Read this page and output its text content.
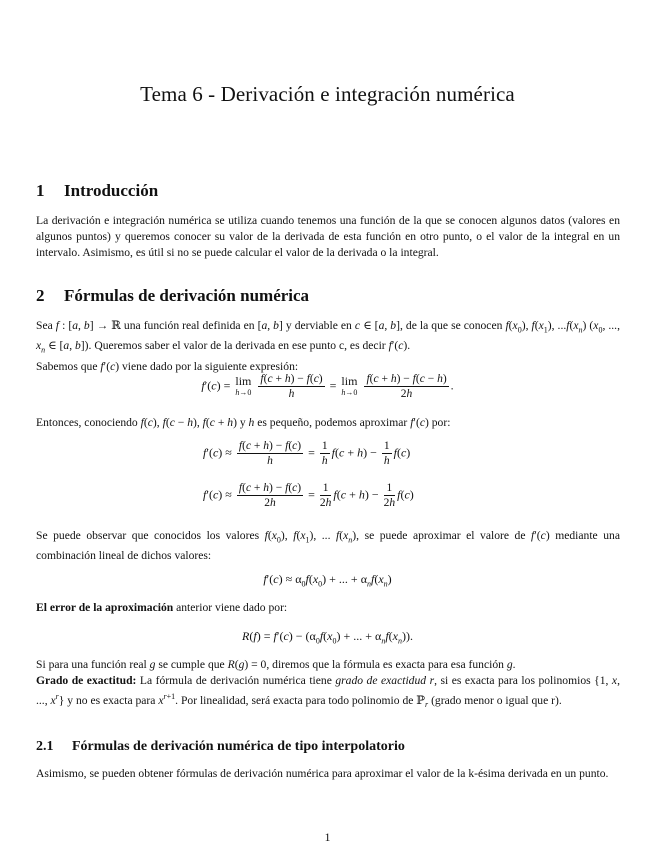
Tema 6 - Derivación e integración numérica
1 Introducción
La derivación e integración numérica se utiliza cuando tenemos una función de la que se conocen algunos datos (valores en algunos puntos) y queremos conocer su valor de la derivada de esta función en otro punto, o el valor de la integral en un intervalo. Asimismo, es útil si no se puede calcular el valor de la derivada o la integral.
2 Fórmulas de derivación numérica
Sea f : [a, b] → ℝ una función real definida en [a, b] y derviable en c ∈ [a, b], de la que se conocen $f(x_0)$, $f(x_1)$, $...f(x_n)$ ($x_0$, ..., $x_n$ ∈ [a, b]). Queremos saber el valor de la derivada en ese punto c, es decir f′(c).
Sabemos que f′(c) viene dado por la siguiente expresión:
f′(c) = lim
h→0
$\frac{f(c + h) - f(c)}{h} = \lim$
h→0
$\frac{f(c + h) - f(c - h)}{2h}$ .
Entonces, conociendo f(c), f(c − h), f(c + h) y h es pequeño, podemos aproximar f′(c) por:
$f'(c) \approx \frac{f(c + h) - f(c)}{h} = \frac{1}{h} f(c + h) - \frac{1}{h} f(c)$
$f'(c) \approx \frac{f(c + h) - f(c)}{2h} = \frac{1}{2h} f(c + h) - \frac{1}{2h} f(c)$
Se puede observar que conocidos los valores $f(x_0)$, $f(x_1)$, ... $f(x_n)$, se puede aproximar el valore de f′(c) mediante una combinación lineal de dichos valores:
$f'(c) \approx \alpha_0f(x_0)$ + ... + $\alpha_nf(x_n)$
El error de la aproximación anterior viene dado por:
$R(f) = f'(c) - (\alpha_0f(x_0)$ + ... + $\alpha_nf(x_n)$).
Si para una función real g se cumple que R(g) = 0, diremos que la fórmula es exacta para esa función g.
Grado de exactitud: La fórmula de derivación numérica tiene grado de exactidud r, si es exacta para los polinomios {1, x, ..., $x^r$} y no es exacta para $x^{r+1}$. Por linealidad, será exacta para todo polinomio de ℙ$_r$ (grado menor o igual que r).
2.1 Fórmulas de derivación numérica de tipo interpolatorio
Asimismo, se pueden obtener fórmulas de derivación numérica para aproximar el valor de la k-ésima derivada en un punto.
1
